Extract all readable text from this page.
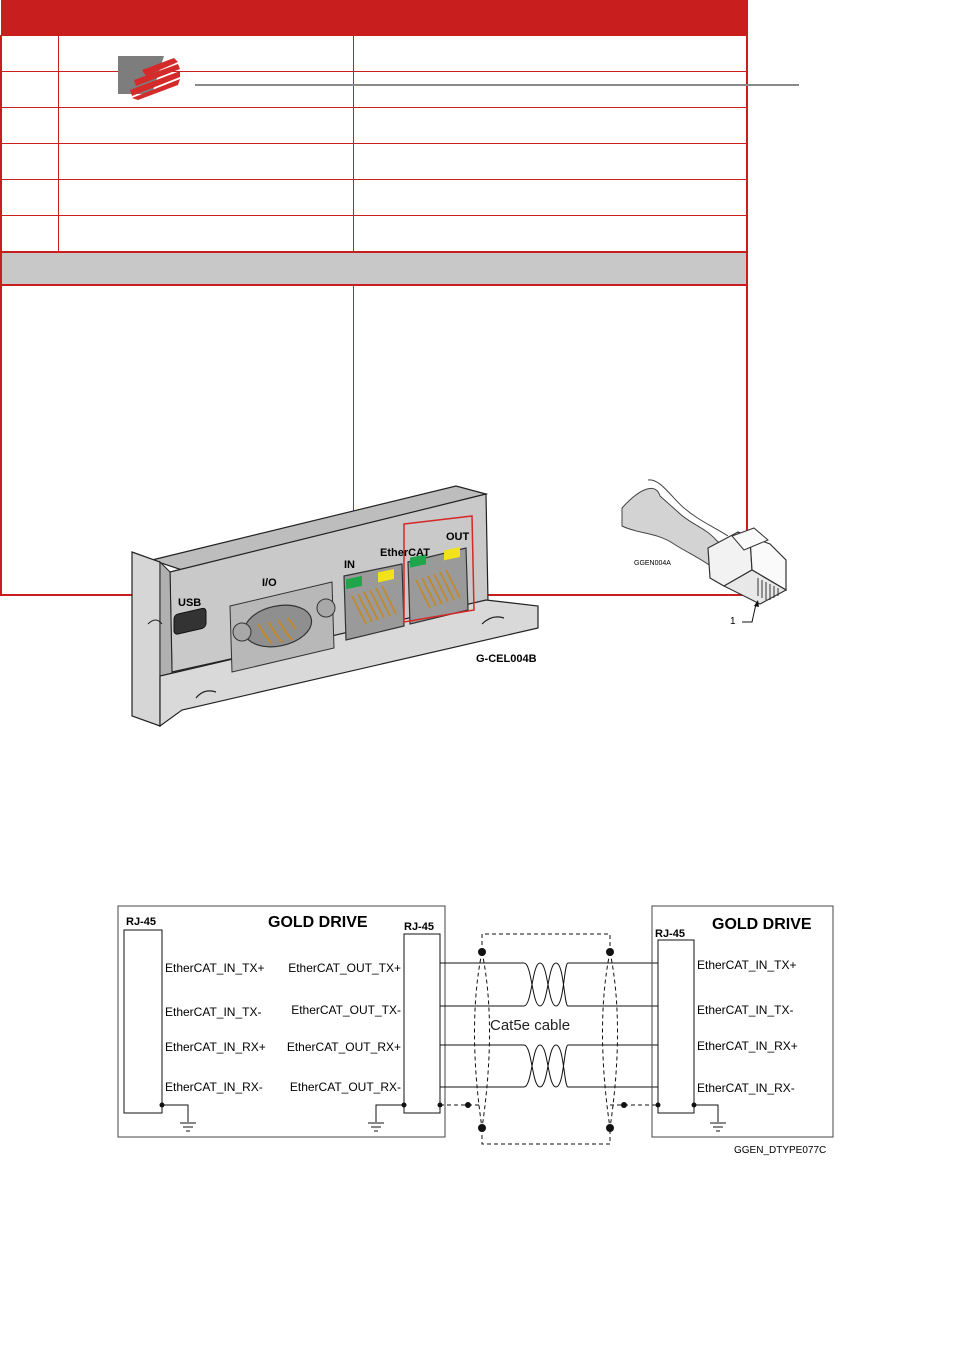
USB
I/O
IN
EtherCAT
OUT
G-CEL004B
GGEN004A
1
RJ-45	GOLD DRIVE	RJ-45
EtherCAT_IN_TX+
EtherCAT_IN_TX-
EtherCAT_IN_RX+
EtherCAT_IN_RX-
EtherCAT_OUT_TX+
EtherCAT_OUT_TX-
EtherCAT_OUT_RX+
EtherCAT_OUT_RX-
Cat5e cable
RJ-45
GOLD DRIVE
EtherCAT_IN_TX+
EtherCAT_IN_TX-
EtherCAT_IN_RX+
EtherCAT_IN_RX-
GGEN_DTYPE077C
